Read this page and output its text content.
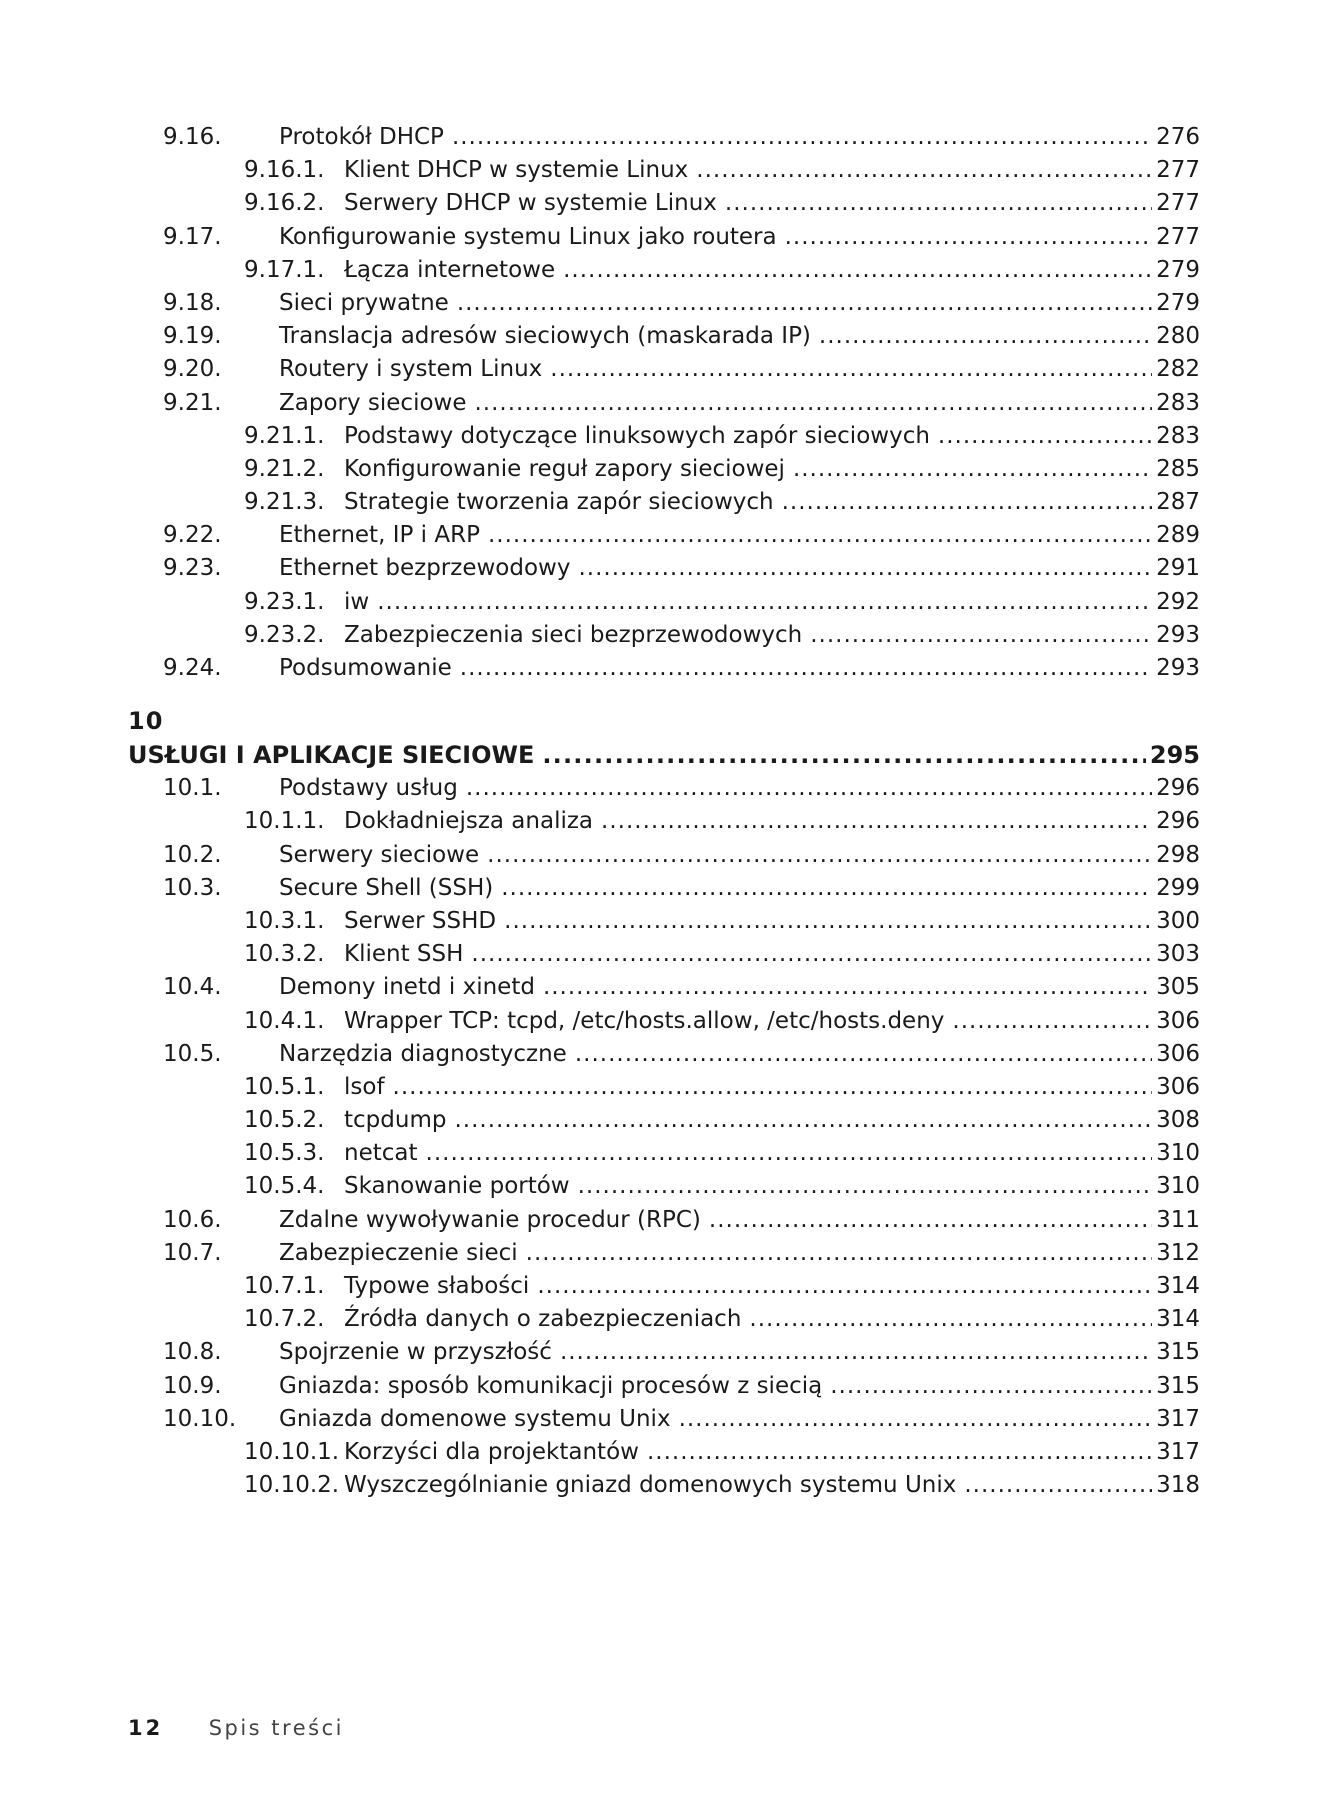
9.16.	Protokół DHCP .....	276
9.16.1. Klient DHCP w systemie Linux .....	277
9.16.2. Serwery DHCP w systemie Linux .....	277
9.17.	Konfigurowanie systemu Linux jako routera .....	277
9.17.1. Łącza internetowe .....	279
9.18.	Sieci prywatne .....	279
9.19.	Translacja adresów sieciowych (maskarada IP) .....	280
9.20.	Routery i system Linux .....	282
9.21.	Zapory sieciowe .....	283
9.21.1. Podstawy dotyczące linuksowych zapór sieciowych .....	283
9.21.2. Konfigurowanie reguł zapory sieciowej .....	285
9.21.3. Strategie tworzenia zapór sieciowych .....	287
9.22.	Ethernet, IP i ARP .....	289
9.23.	Ethernet bezprzewodowy .....	291
9.23.1. iw .....	292
9.23.2. Zabezpieczenia sieci bezprzewodowych .....	293
9.24.	Podsumowanie .....	293
10
USŁUGI I APLIKACJE SIECIOWE .....	295
10.1.	Podstawy usług .....	296
10.1.1. Dokładniejsza analiza .....	296
10.2.	Serwery sieciowe .....	298
10.3.	Secure Shell (SSH) .....	299
10.3.1. Serwer SSHD .....	300
10.3.2. Klient SSH .....	303
10.4.	Demony inetd i xinetd .....	305
10.4.1. Wrapper TCP: tcpd, /etc/hosts.allow, /etc/hosts.deny .....	306
10.5.	Narzędzia diagnostyczne .....	306
10.5.1. lsof .....	306
10.5.2. tcpdump .....	308
10.5.3. netcat .....	310
10.5.4. Skanowanie portów .....	310
10.6.	Zdalne wywoływanie procedur (RPC) .....	311
10.7.	Zabezpieczenie sieci .....	312
10.7.1. Typowe słabości .....	314
10.7.2. Źródła danych o zabezpieczeniach .....	314
10.8.	Spojrzenie w przyszłość .....	315
10.9.	Gniazda: sposób komunikacji procesów z siecią .....	315
10.10.	Gniazda domenowe systemu Unix .....	317
10.10.1. Korzyści dla projektantów .....	317
10.10.2. Wyszczególnianie gniazd domenowych systemu Unix .....	318
12 Spis treści
